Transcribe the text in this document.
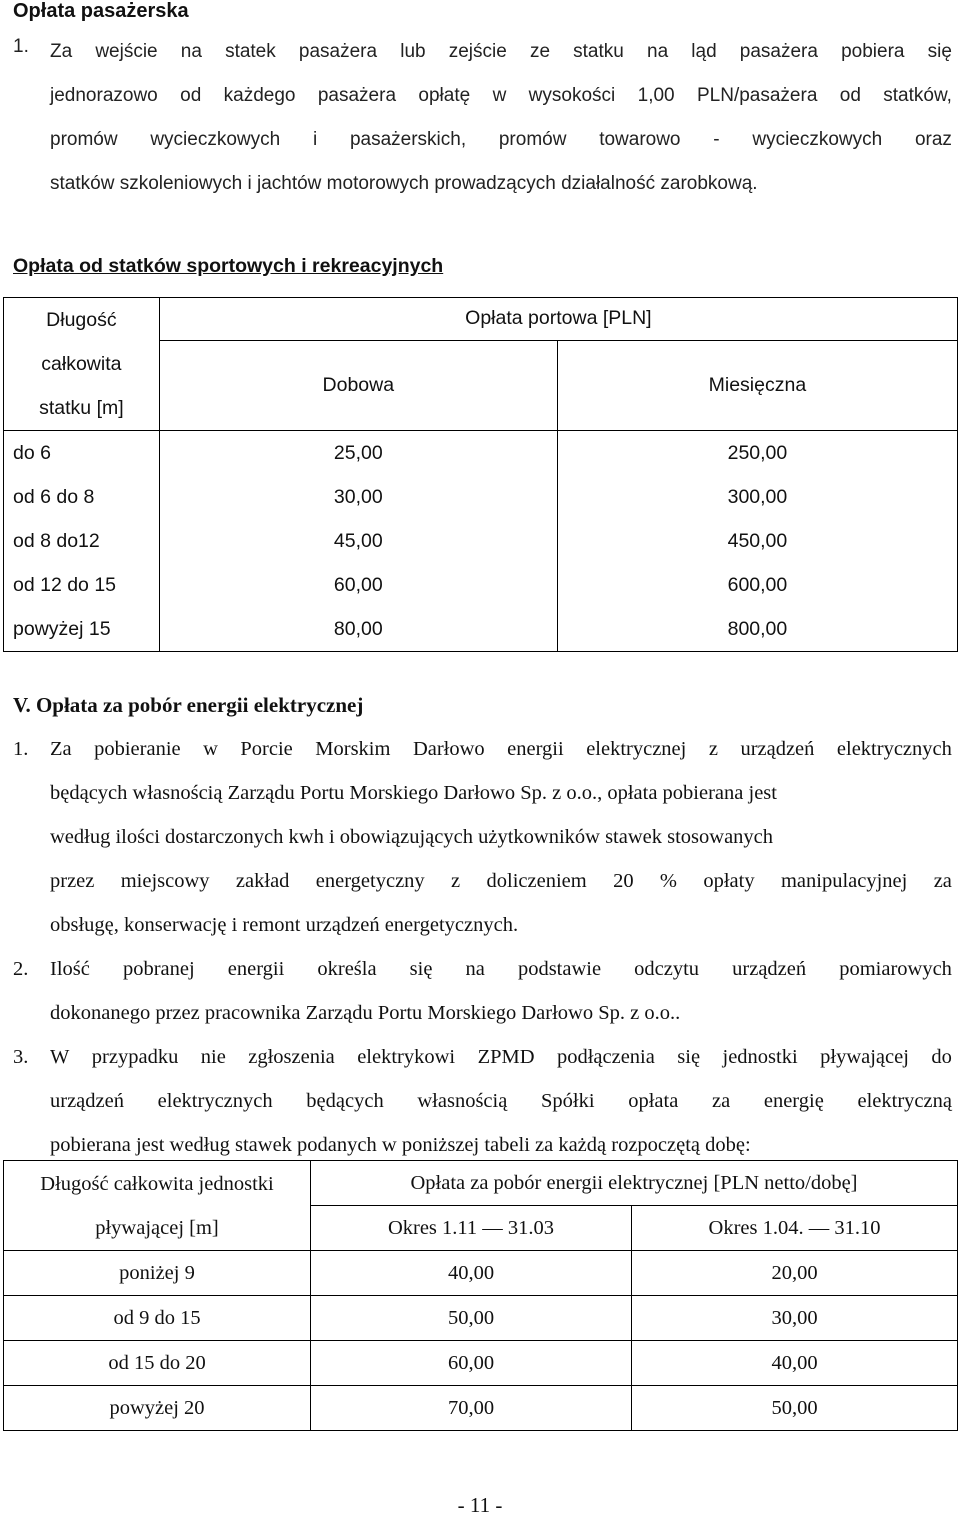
Opłata pasażerska
1. Za wejście na statek pasażera lub zejście ze statku na ląd pasażera pobiera się
jednorazowo od każdego pasażera opłatę w wysokości 1,00 PLN/pasażera od statków,
promów wycieczkowych i pasażerskich, promów towarowo - wycieczkowych oraz
statków szkoleniowych i jachtów motorowych prowadzących działalność zarobkową.
Opłata od statków sportowych i rekreacyjnych
Długość
całkowita
statku [m]	Opłata portowa [PLN]	
	Dobowa	Miesięczna
do 6	25,00	250,00
od 6 do 8	30,00	300,00
od 8 do12	45,00	450,00
od 12 do 15	60,00	600,00
powyżej 15	80,00	800,00
V. Opłata za pobór energii elektrycznej
1. Za pobieranie w Porcie Morskim Darłowo energii elektrycznej z urządzeń elektrycznych
będących własnością Zarządu Portu Morskiego Darłowo Sp. z o.o., opłata pobierana jest
według ilości dostarczonych kwh i obowiązujących użytkowników stawek stosowanych
przez miejscowy zakład energetyczny z doliczeniem 20 % opłaty manipulacyjnej za
obsługę, konserwację i remont urządzeń energetycznych.
2. Ilość pobranej energii określa się na podstawie odczytu urządzeń pomiarowych
dokonanego przez pracownika Zarządu Portu Morskiego Darłowo Sp. z o.o..
3. W przypadku nie zgłoszenia elektrykowi ZPMD podłączenia się jednostki pływającej do
urządzeń elektrycznych będących własnością Spółki opłata za energię elektryczną
pobierana jest według stawek podanych w poniższej tabeli za każdą rozpoczętą dobę:
Długość całkowita jednostki
pływającej [m]	Opłata za pobór energii elektrycznej [PLN netto/dobę]	
	Okres 1.11 — 31.03	Okres 1.04. — 31.10
poniżej 9	40,00	20,00
od 9 do 15	50,00	30,00
od 15 do 20	60,00	40,00
powyżej 20	70,00	50,00
- 11 -
